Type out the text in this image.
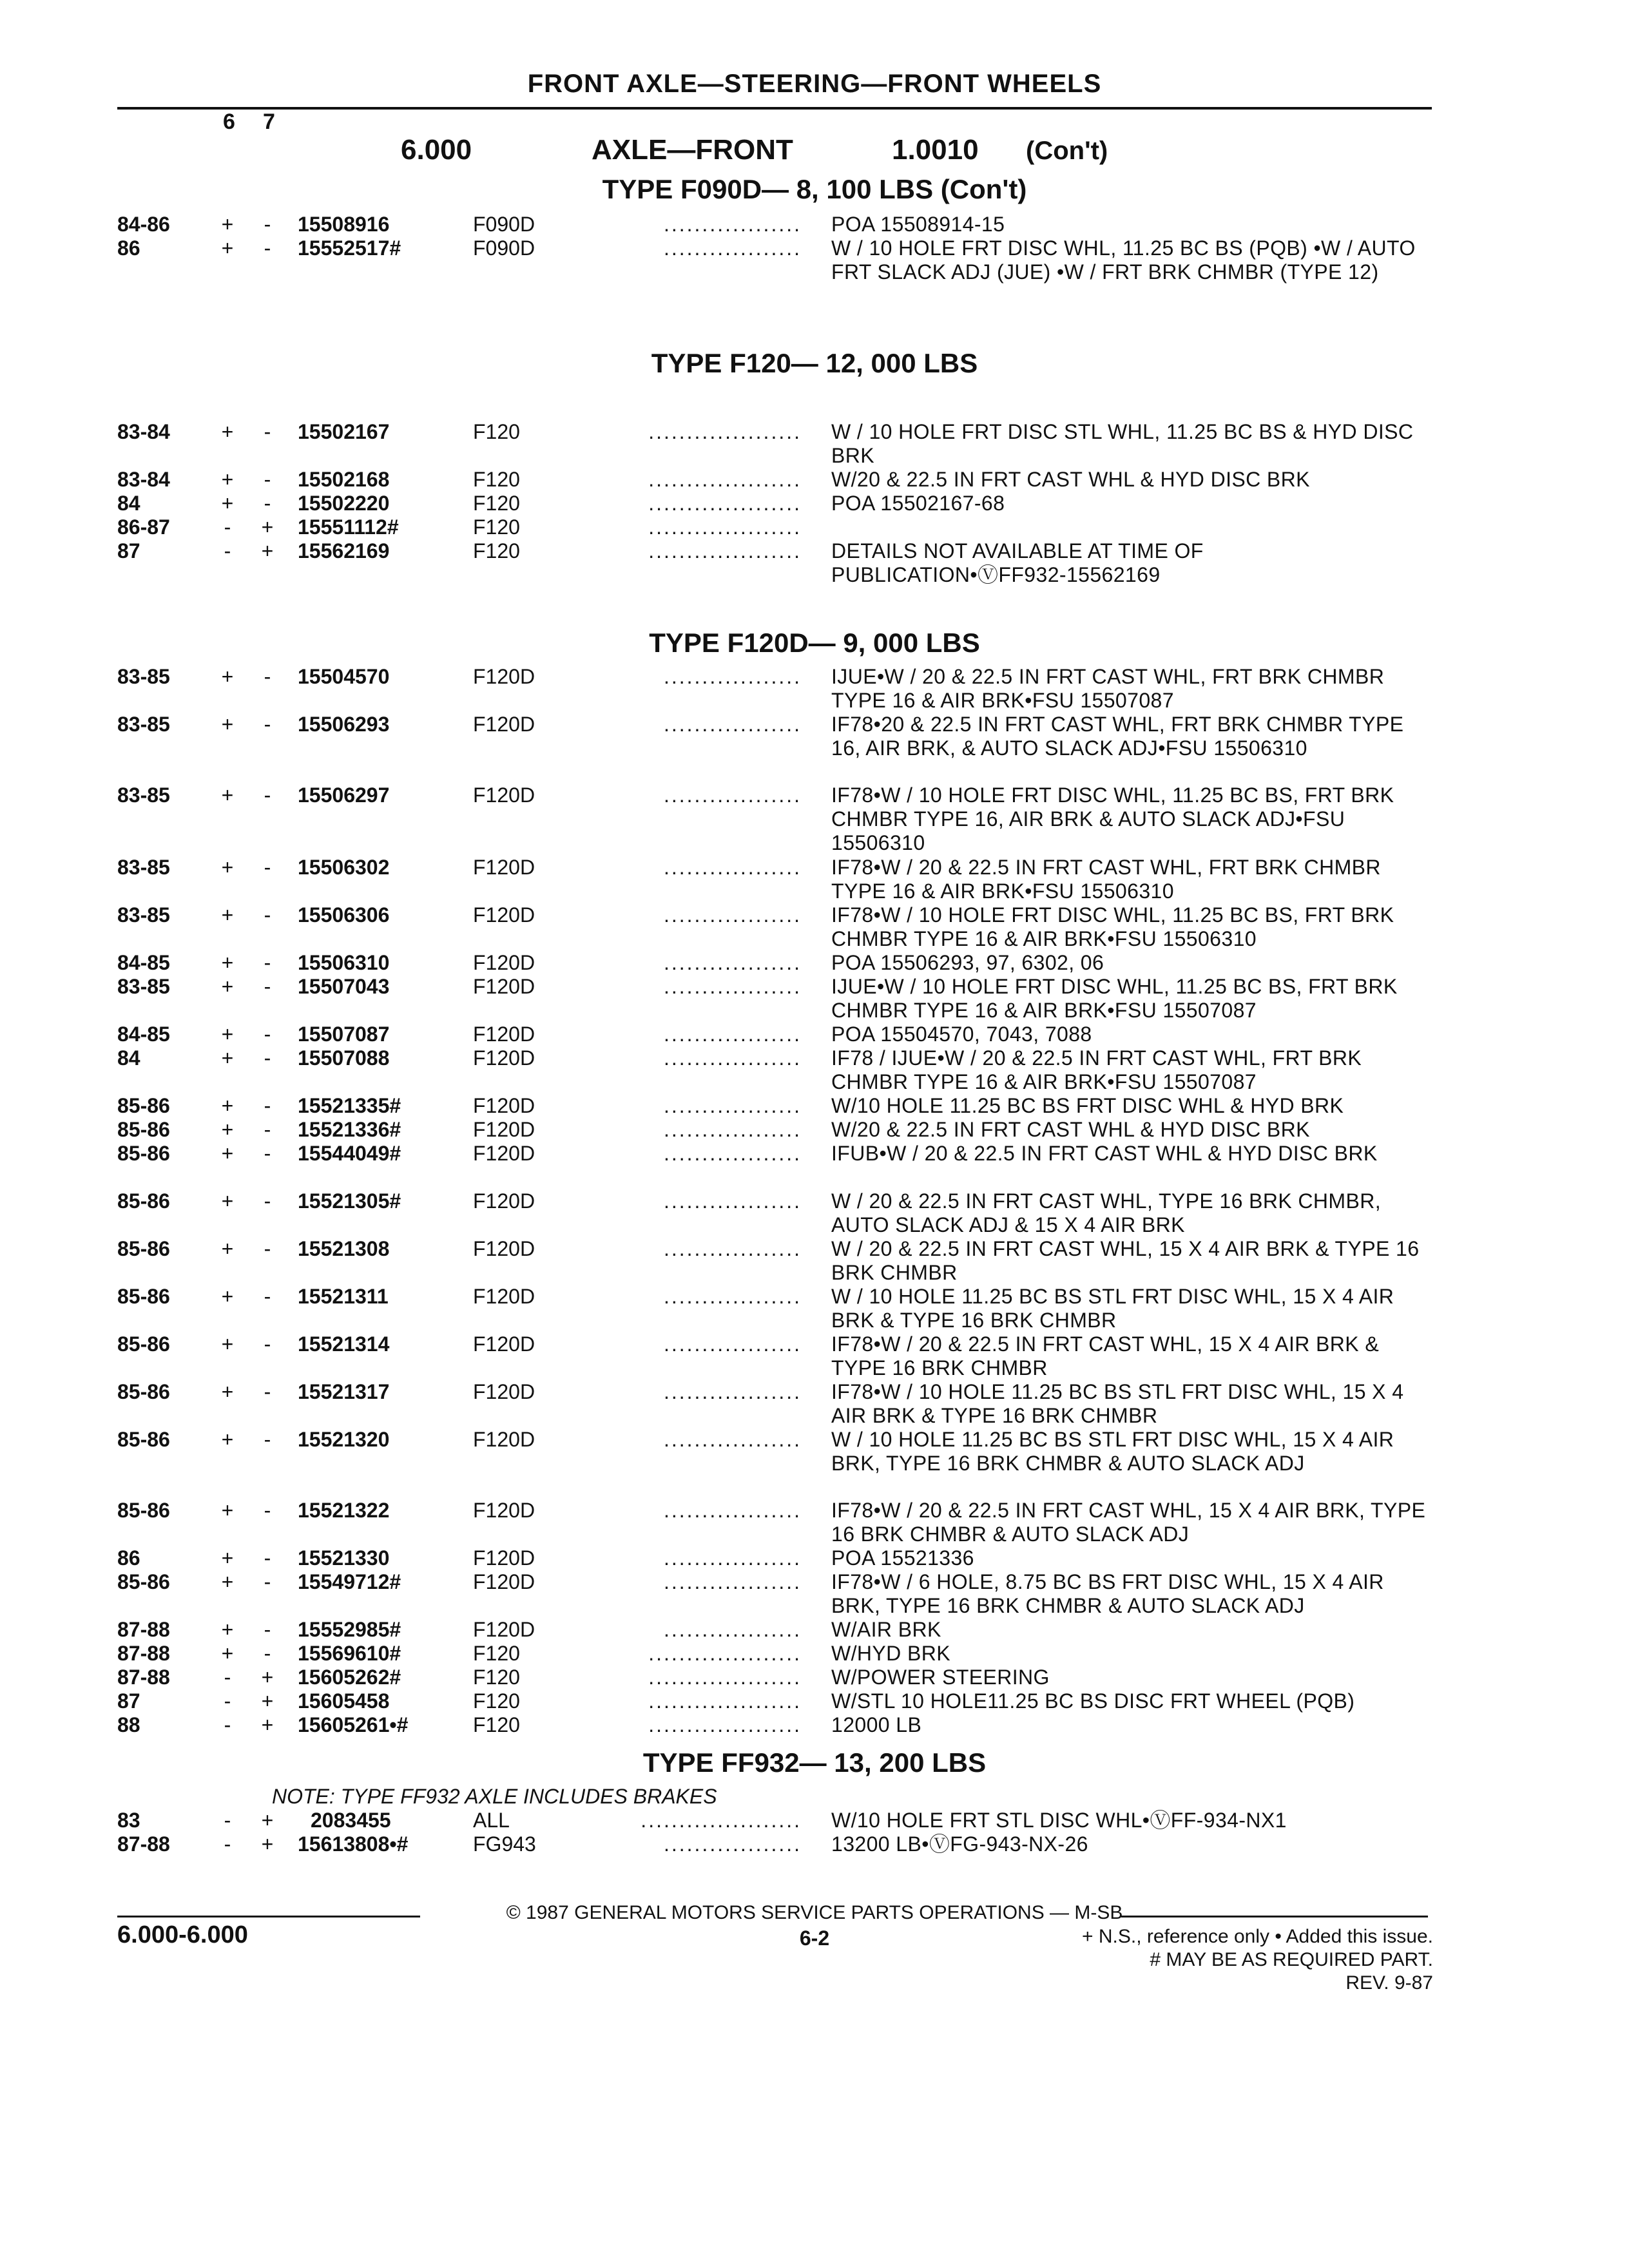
FRONT AXLE—STEERING—FRONT WHEELS
6 7
6.000	AXLE—FRONT	1.0010 (Con't)
TYPE F090D— 8, 100 LBS (Con't)
84-86 + - 15508916	F090D	.................. POA 15508914-15
86	+ - 15552517#	F090D	.................. W / 10 HOLE FRT DISC WHL, 11.25 BC BS (PQB) •W / AUTO FRT SLACK ADJ (JUE) •W / FRT BRK CHMBR (TYPE 12)
TYPE F120— 12, 000 LBS
83-84 + - 15502167	F120	.................... W / 10 HOLE FRT DISC STL WHL, 11.25 BC BS & HYD DISC BRK
83-84 + - 15502168	F120	.................... W/20 & 22.5 IN FRT CAST WHL & HYD DISC BRK
84	+ - 15502220	F120	.................... POA 15502167-68
86-87	- + 15551112#	F120	....................
87	- + 15562169	F120	.................... DETAILS NOT AVAILABLE AT TIME OF PUBLICATION•ⓋFF932-15562169
TYPE F120D— 9, 000 LBS
83-85 + - 15504570	F120D	.................. IJUE•W / 20 & 22.5 IN FRT CAST WHL, FRT BRK CHMBR TYPE 16 & AIR BRK•FSU 15507087
83-85 + - 15506293	F120D	.................. IF78•20 & 22.5 IN FRT CAST WHL, FRT BRK CHMBR TYPE 16, AIR BRK, & AUTO SLACK ADJ•FSU 15506310
83-85 + - 15506297	F120D	.................. IF78•W / 10 HOLE FRT DISC WHL, 11.25 BC BS, FRT BRK CHMBR TYPE 16, AIR BRK & AUTO SLACK ADJ•FSU 15506310
83-85 + - 15506302	F120D	.................. IF78•W / 20 & 22.5 IN FRT CAST WHL, FRT BRK CHMBR TYPE 16 & AIR BRK•FSU 15506310
83-85 + - 15506306	F120D	.................. IF78•W / 10 HOLE FRT DISC WHL, 11.25 BC BS, FRT BRK CHMBR TYPE 16 & AIR BRK•FSU 15506310
84-85 + - 15506310	F120D	.................. POA 15506293, 97, 6302, 06
83-85 + - 15507043	F120D	.................. IJUE•W / 10 HOLE FRT DISC WHL, 11.25 BC BS, FRT BRK CHMBR TYPE 16 & AIR BRK•FSU 15507087
84-85 + - 15507087	F120D	.................. POA 15504570, 7043, 7088
84	+ - 15507088	F120D	.................. IF78 / IJUE•W / 20 & 22.5 IN FRT CAST WHL, FRT BRK CHMBR TYPE 16 & AIR BRK•FSU 15507087
85-86 + - 15521335#	F120D	.................. W/10 HOLE 11.25 BC BS FRT DISC WHL & HYD BRK
85-86 + - 15521336#	F120D	.................. W/20 & 22.5 IN FRT CAST WHL & HYD DISC BRK
85-86 + - 15544049#	F120D	.................. IFUB•W / 20 & 22.5 IN FRT CAST WHL & HYD DISC BRK
85-86 + - 15521305#	F120D	.................. W / 20 & 22.5 IN FRT CAST WHL, TYPE 16 BRK CHMBR, AUTO SLACK ADJ & 15 X 4 AIR BRK
85-86 + - 15521308	F120D	.................. W / 20 & 22.5 IN FRT CAST WHL, 15 X 4 AIR BRK & TYPE 16 BRK CHMBR
85-86 + - 15521311	F120D	.................. W / 10 HOLE 11.25 BC BS STL FRT DISC WHL, 15 X 4 AIR BRK & TYPE 16 BRK CHMBR
85-86 + - 15521314	F120D	.................. IF78•W / 20 & 22.5 IN FRT CAST WHL, 15 X 4 AIR BRK & TYPE 16 BRK CHMBR
85-86 + - 15521317	F120D	.................. IF78•W / 10 HOLE 11.25 BC BS STL FRT DISC WHL, 15 X 4 AIR BRK & TYPE 16 BRK CHMBR
85-86 + - 15521320	F120D	.................. W / 10 HOLE 11.25 BC BS STL FRT DISC WHL, 15 X 4 AIR BRK, TYPE 16 BRK CHMBR & AUTO SLACK ADJ
85-86 + - 15521322	F120D	.................. IF78•W / 20 & 22.5 IN FRT CAST WHL, 15 X 4 AIR BRK, TYPE 16 BRK CHMBR & AUTO SLACK ADJ
86	+ - 15521330	F120D	.................. POA 15521336
85-86 + - 15549712#	F120D	.................. IF78•W / 6 HOLE, 8.75 BC BS FRT DISC WHL, 15 X 4 AIR BRK, TYPE 16 BRK CHMBR & AUTO SLACK ADJ
87-88 + - 15552985#	F120D	.................. W/AIR BRK
87-88 + - 15569610#	F120	.................... W/HYD BRK
87-88	- + 15605262#	F120	.................... W/POWER STEERING
87	- + 15605458	F120	.................... W/STL 10 HOLE11.25 BC BS DISC FRT WHEEL (PQB)
88	- + 15605261•#	F120	.................... 12000 LB
TYPE FF932— 13, 200 LBS
NOTE: TYPE FF932 AXLE INCLUDES BRAKES
83	- + 2083455	ALL	..................... W/10 HOLE FRT STL DISC WHL•ⓋFF-934-NX1
87-88	- + 15613808•#	FG943	.................. 13200 LB•ⓋFG-943-NX-26
© 1987 GENERAL MOTORS SERVICE PARTS OPERATIONS — M-SB
6.000-6.000	6-2	+ N.S., reference only • Added this issue.
# MAY BE AS REQUIRED PART.
REV. 9-87
